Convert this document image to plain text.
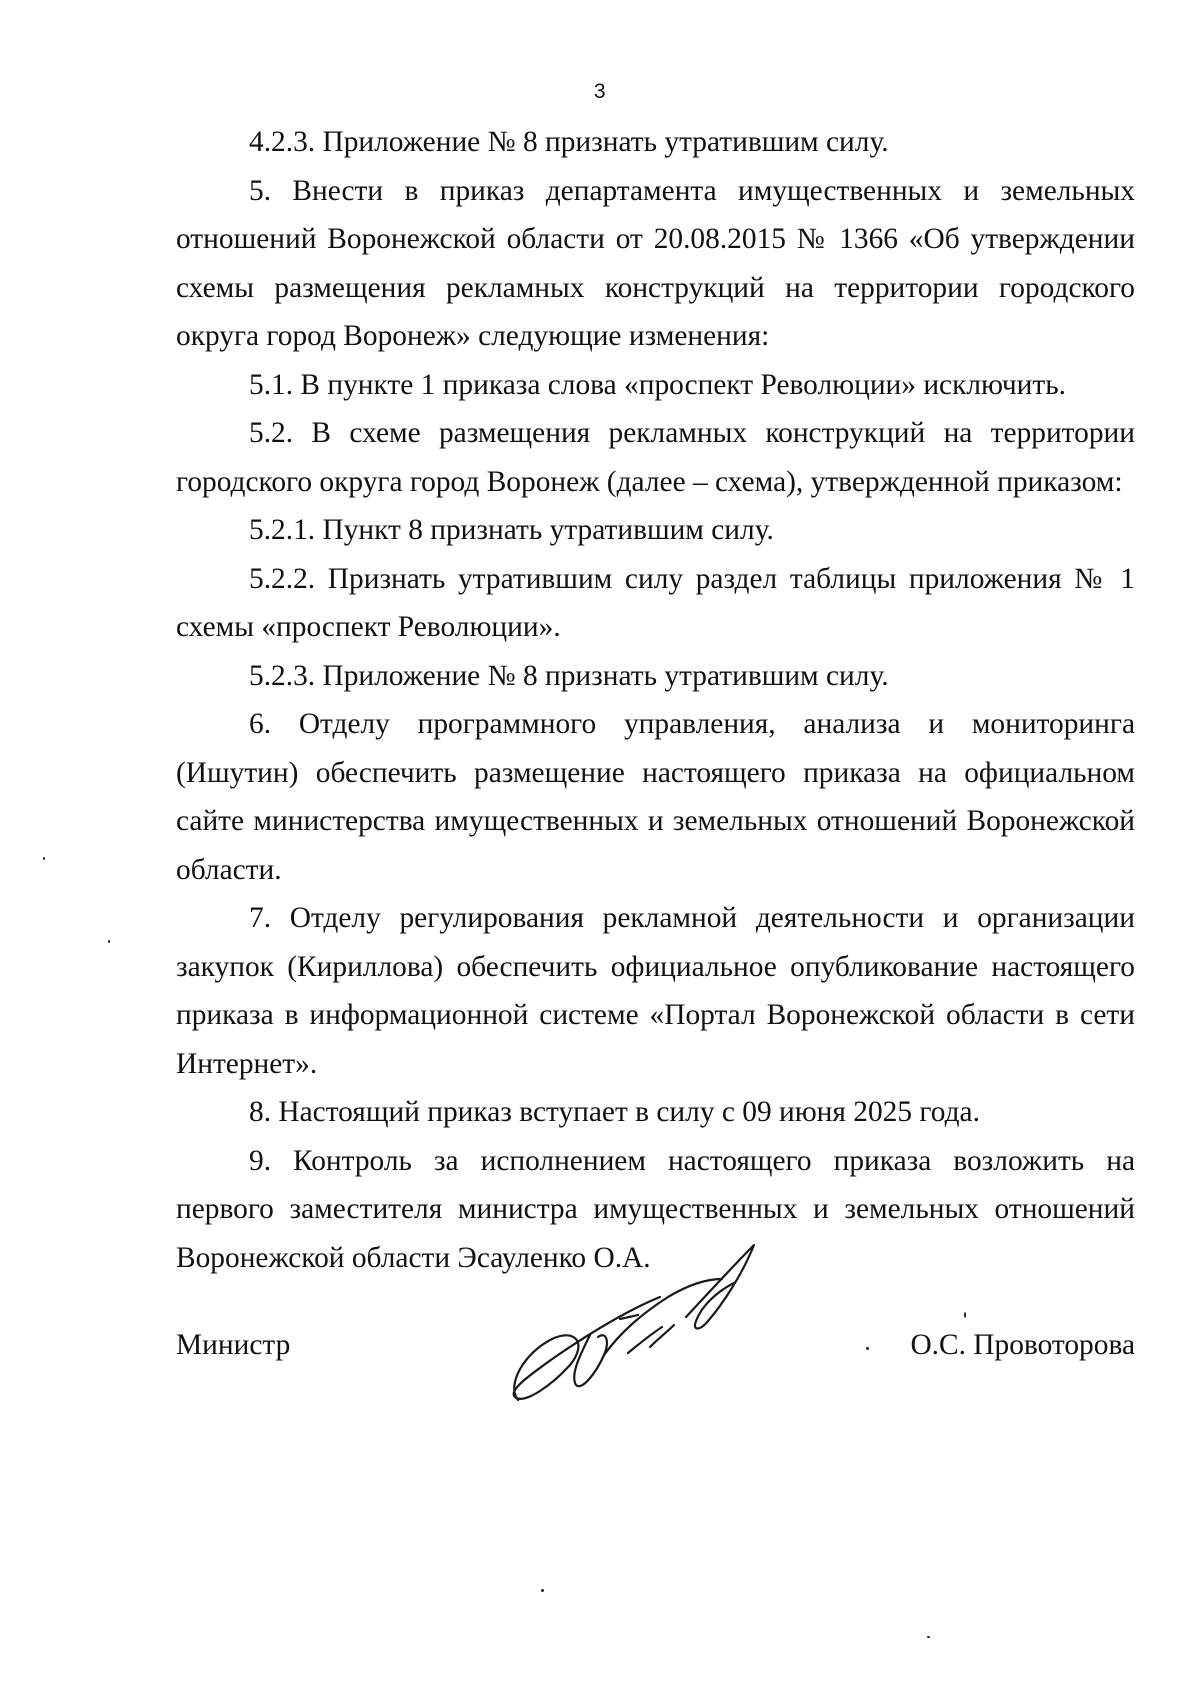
3

4.2.3. Приложение № 8 признать утратившим силу.

5. Внести в приказ департамента имущественных и земельных отношений Воронежской области от 20.08.2015 № 1366 «Об утверждении схемы размещения рекламных конструкций на территории городского округа город Воронеж» следующие изменения:

5.1. В пункте 1 приказа слова «проспект Революции» исключить.

5.2. В схеме размещения рекламных конструкций на территории городского округа город Воронеж (далее – схема), утвержденной приказом:

5.2.1. Пункт 8 признать утратившим силу.

5.2.2. Признать утратившим силу раздел таблицы приложения № 1 схемы «проспект Революции».

5.2.3. Приложение № 8 признать утратившим силу.

6. Отделу программного управления, анализа и мониторинга (Ишутин) обеспечить размещение настоящего приказа на официальном сайте министерства имущественных и земельных отношений Воронежской области.

7. Отделу регулирования рекламной деятельности и организации закупок (Кириллова) обеспечить официальное опубликование настоящего приказа в информационной системе «Портал Воронежской области в сети Интернет».

8. Настоящий приказ вступает в силу с 09 июня 2025 года.

9. Контроль за исполнением настоящего приказа возложить на первого заместителя министра имущественных и земельных отношений Воронежской области Эсауленко О.А.

Министр	О.С. Провоторова
